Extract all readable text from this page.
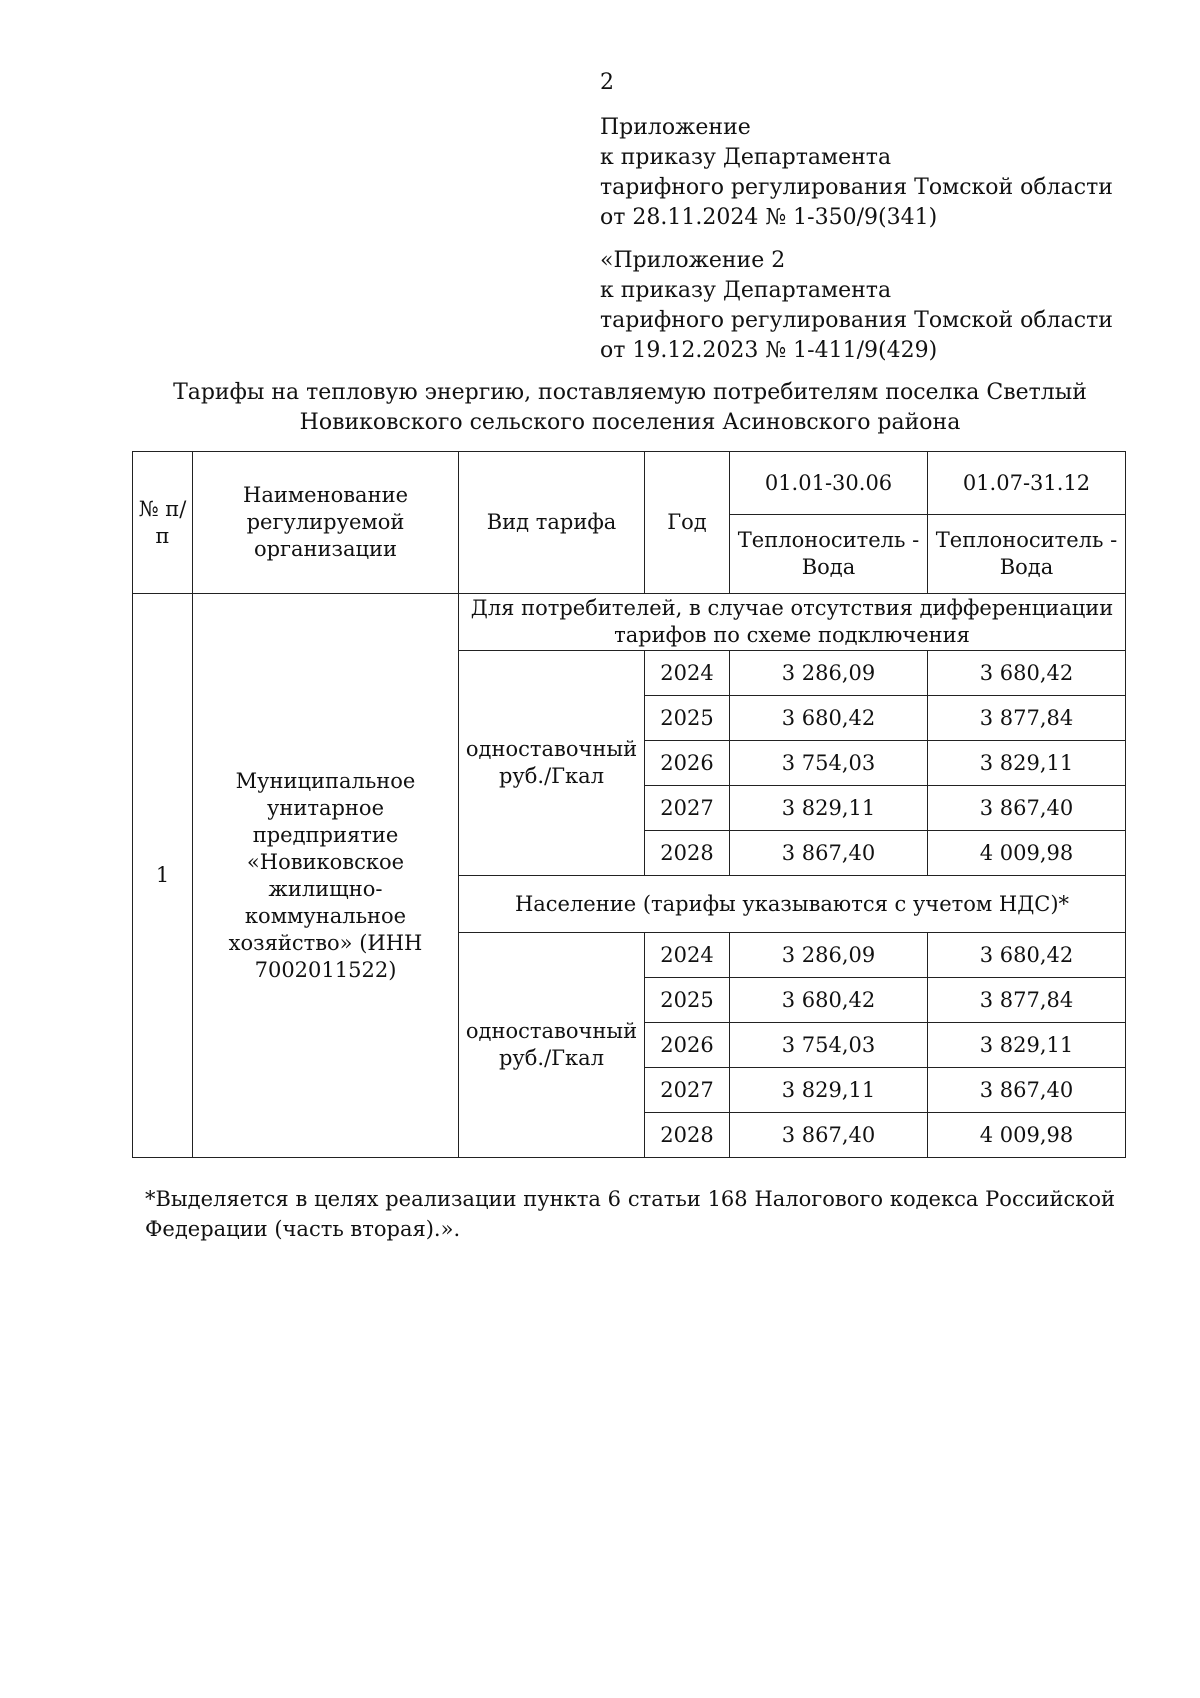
2
Приложение
к приказу Департамента
тарифного регулирования Томской области
от 28.11.2024 № 1-350/9(341)
«Приложение 2
к приказу Департамента
тарифного регулирования Томской области
от 19.12.2023 № 1-411/9(429)
Тарифы на тепловую энергию, поставляемую потребителям поселка Светлый
Новиковского сельского поселения Асиновского района
№ п/п	Наименование регулируемой организации	Вид тарифа	Год	01.01-30.06	01.07-31.12
				Теплоноситель - Вода	Теплоноситель - Вода
1	Муниципальное унитарное предприятие «Новиковское жилищно-коммунальное хозяйство» (ИНН 7002011522)	Для потребителей, в случае отсутствия дифференциации тарифов по схеме подключения			
		одноставочный руб./Гкал	2024	3 286,09	3 680,42
			2025	3 680,42	3 877,84
			2026	3 754,03	3 829,11
			2027	3 829,11	3 867,40
			2028	3 867,40	4 009,98
		Население (тарифы указываются с учетом НДС)*			
		одноставочный руб./Гкал	2024	3 286,09	3 680,42
			2025	3 680,42	3 877,84
			2026	3 754,03	3 829,11
			2027	3 829,11	3 867,40
			2028	3 867,40	4 009,98
*Выделяется в целях реализации пункта 6 статьи 168 Налогового кодекса Российской Федерации (часть вторая).».
